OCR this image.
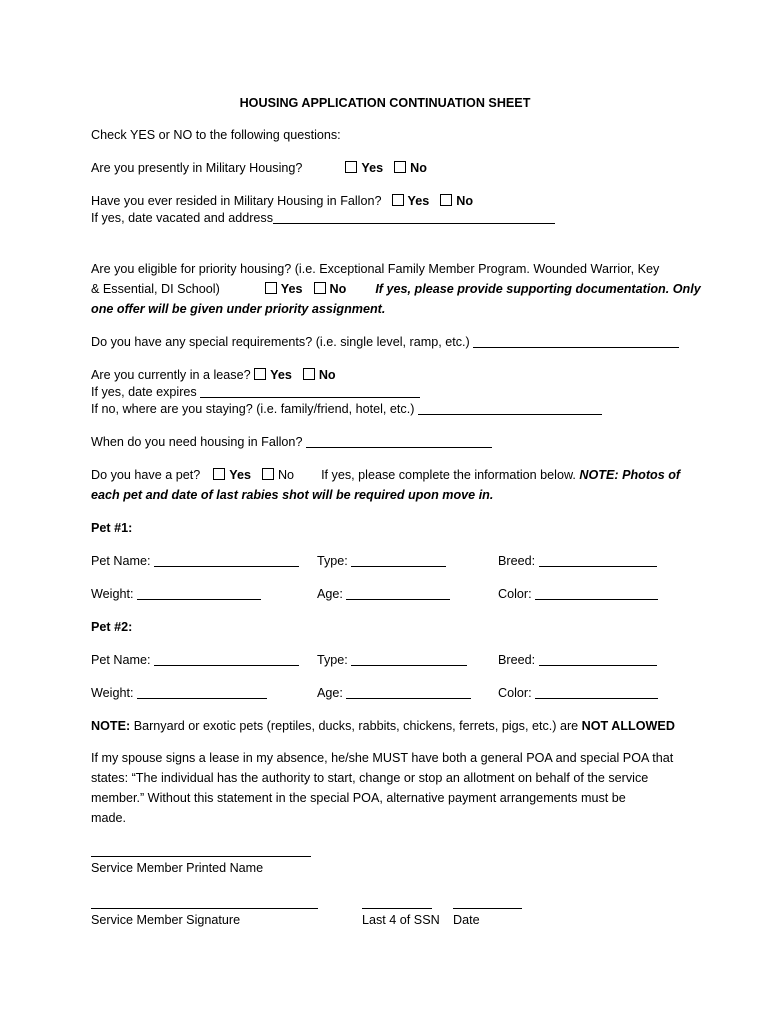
HOUSING APPLICATION CONTINUATION SHEET
Check YES or NO to the following questions:
Are you presently in Military Housing?	Yes No
Have you ever resided in Military Housing in Fallon? Yes No
If yes, date vacated and address
Are you eligible for priority housing? (i.e. Exceptional Family Member Program. Wounded Warrior, Key
& Essential, DI School)	Yes No If yes, please provide supporting documentation. Only
one offer will be given under priority assignment.
Do you have any special requirements? (i.e. single level, ramp, etc.)
Are you currently in a lease? Yes No
If yes, date expires
If no, where are you staying? (i.e. family/friend, hotel, etc.)
When do you need housing in Fallon?
Do you have a pet? Yes No If yes, please complete the information below. NOTE: Photos of
each pet and date of last rabies shot will be required upon move in.
Pet #1:
Pet Name:	Type:	Breed:
Weight:	Age:	Color:
Pet #2:
Pet Name:	Type:	Breed:
Weight:	Age:	Color:
NOTE: Barnyard or exotic pets (reptiles, ducks, rabbits, chickens, ferrets, pigs, etc.) are NOT ALLOWED
If my spouse signs a lease in my absence, he/she MUST have both a general POA and special POA that
states: “The individual has the authority to start, change or stop an allotment on behalf of the service
member.” Without this statement in the special POA, alternative payment arrangements must be
made.
Service Member Printed Name
Service Member Signature	Last 4 of SSN Date
